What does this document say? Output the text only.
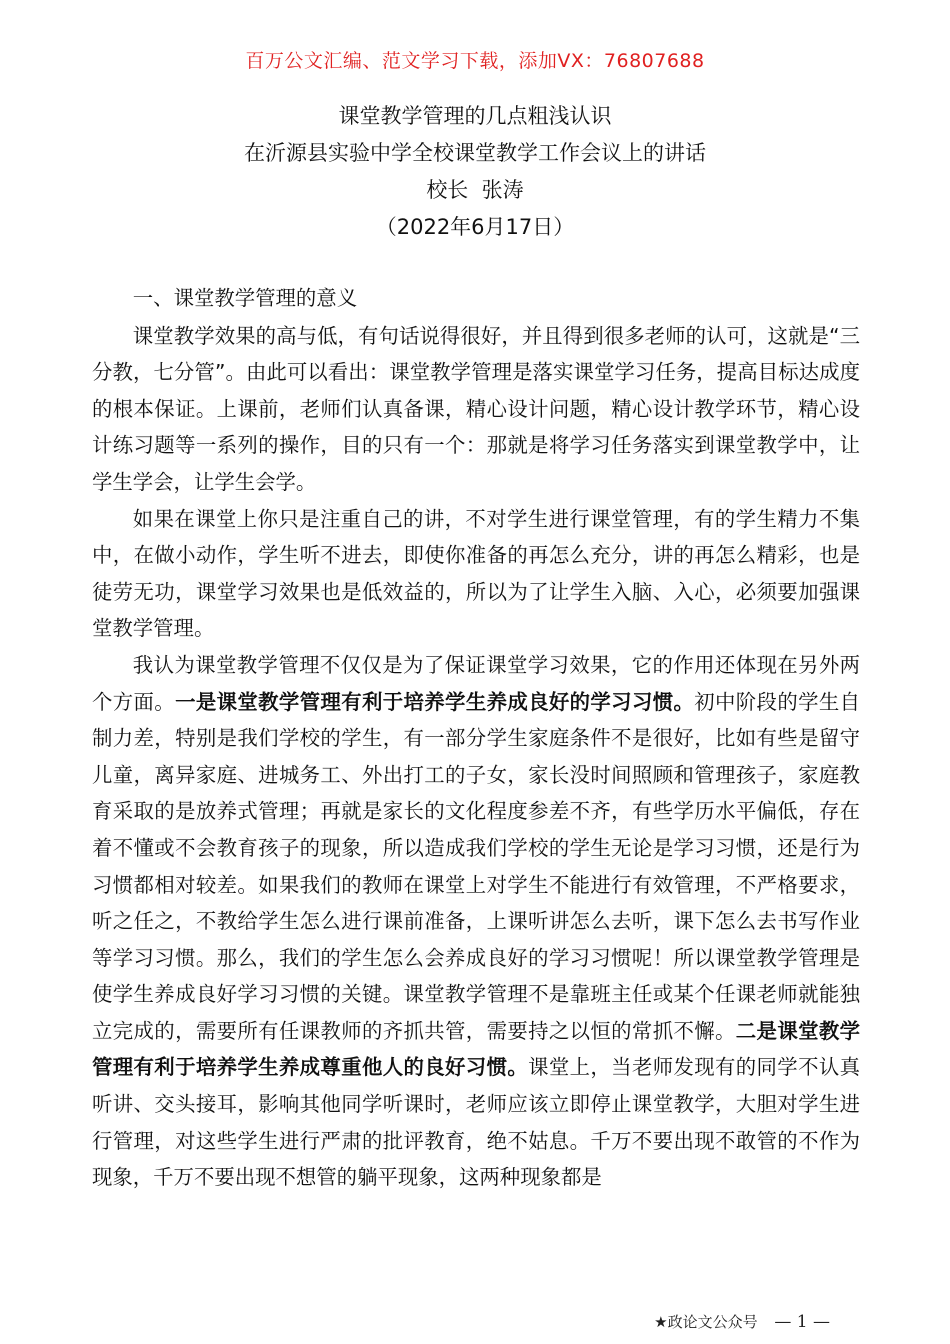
百万公文汇编、范文学习下载，添加VX：76807688
课堂教学管理的几点粗浅认识
在沂源县实验中学全校课堂教学工作会议上的讲话
校长  张涛
（2022年6月17日）

一、课堂教学管理的意义

课堂教学效果的高与低，有句话说得很好，并且得到很多老师的认可，这就是“三分教，七分管”。由此可以看出：课堂教学管理是落实课堂学习任务，提高目标达成度的根本保证。上课前，老师们认真备课，精心设计问题，精心设计教学环节，精心设计练习题等一系列的操作，目的只有一个：那就是将学习任务落实到课堂教学中，让学生学会，让学生会学。

如果在课堂上你只是注重自己的讲，不对学生进行课堂管理，有的学生精力不集中，在做小动作，学生听不进去，即使你准备的再怎么充分，讲的再怎么精彩，也是徒劳无功，课堂学习效果也是低效益的，所以为了让学生入脑、入心，必须要加强课堂教学管理。

我认为课堂教学管理不仅仅是为了保证课堂学习效果，它的作用还体现在另外两个方面。一是课堂教学管理有利于培养学生养成良好的学习习惯。初中阶段的学生自制力差，特别是我们学校的学生，有一部分学生家庭条件不是很好，比如有些是留守儿童，离异家庭、进城务工、外出打工的子女，家长没时间照顾和管理孩子，家庭教育采取的是放养式管理；再就是家长的文化程度参差不齐，有些学历水平偏低，存在着不懂或不会教育孩子的现象，所以造成我们学校的学生无论是学习习惯，还是行为习惯都相对较差。如果我们的教师在课堂上对学生不能进行有效管理，不严格要求，听之任之，不教给学生怎么进行课前准备，上课听讲怎么去听，课下怎么去书写作业等学习习惯。那么，我们的学生怎么会养成良好的学习习惯呢！所以课堂教学管理是使学生养成良好学习习惯的关键。课堂教学管理不是靠班主任或某个任课老师就能独立完成的，需要所有任课教师的齐抓共管，需要持之以恒的常抓不懈。二是课堂教学管理有利于培养学生养成尊重他人的良好习惯。课堂上，当老师发现有的同学不认真听讲、交头接耳，影响其他同学听课时，老师应该立即停止课堂教学，大胆对学生进行管理，对这些学生进行严肃的批评教育，绝不姑息。千万不要出现不敢管的不作为现象，千万不要出现不想管的躺平现象，这两种现象都是

★政论文公众号 — 1 —
